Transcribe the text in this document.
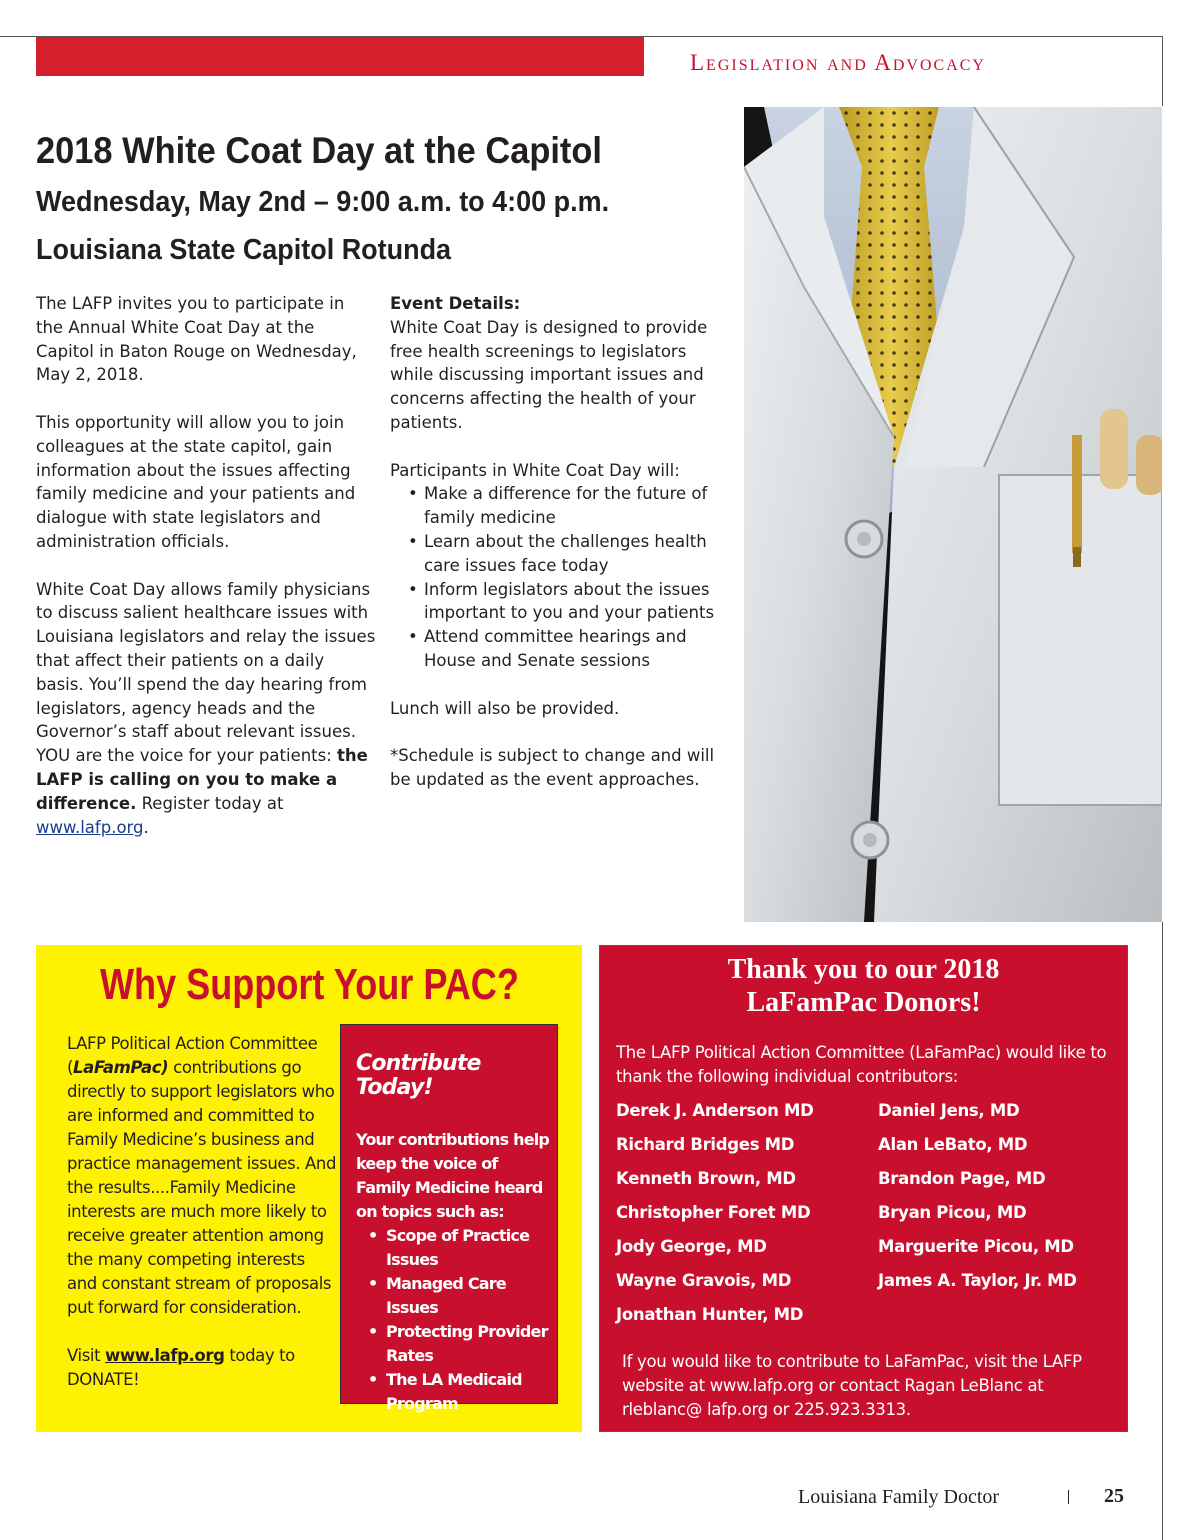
Legislation and Advocacy
2018 White Coat Day at the Capitol
Wednesday, May 2nd – 9:00 a.m. to 4:00 p.m.
Louisiana State Capitol Rotunda

The LAFP invites you to participate in the Annual White Coat Day at the Capitol in Baton Rouge on Wednesday, May 2, 2018.

This opportunity will allow you to join colleagues at the state capitol, gain information about the issues affecting family medicine and your patients and dialogue with state legislators and administration officials.

White Coat Day allows family physicians to discuss salient healthcare issues with Louisiana legislators and relay the issues that affect their patients on a daily basis. You’ll spend the day hearing from legislators, agency heads and the Governor’s staff about relevant issues. YOU are the voice for your patients: the LAFP is calling on you to make a difference. Register today at www.lafp.org.

Event Details:
White Coat Day is designed to provide free health screenings to legislators while discussing important issues and concerns affecting the health of your patients.

Participants in White Coat Day will:
• Make a difference for the future of family medicine
• Learn about the challenges health care issues face today
• Inform legislators about the issues important to you and your patients
• Attend committee hearings and House and Senate sessions

Lunch will also be provided.

*Schedule is subject to change and will be updated as the event approaches.

Why Support Your PAC?

LAFP Political Action Committee (LaFamPac) contributions go directly to support legislators who are informed and committed to Family Medicine’s business and practice management issues. And the results....Family Medicine interests are much more likely to receive greater attention among the many competing interests and constant stream of proposals put forward for consideration.

Visit www.lafp.org today to DONATE!

Contribute Today!
Your contributions help keep the voice of Family Medicine heard on topics such as:
• Scope of Practice Issues
• Managed Care Issues
• Protecting Provider Rates
• The LA Medicaid Program
Thank you to our 2018 LaFamPac Donors!
The LAFP Political Action Committee (LaFamPac) would like to thank the following individual contributors:
Derek J. Anderson MD
Richard Bridges MD
Kenneth Brown, MD
Christopher Foret MD
Jody George, MD
Wayne Gravois, MD
Jonathan Hunter, MD
Daniel Jens, MD
Alan LeBato, MD
Brandon Page, MD
Bryan Picou, MD
Marguerite Picou, MD
James A. Taylor, Jr. MD
If you would like to contribute to LaFamPac, visit the LAFP website at www.lafp.org or contact Ragan LeBlanc at rleblanc@ lafp.org or 225.923.3313.
Louisiana Family Doctor	25
